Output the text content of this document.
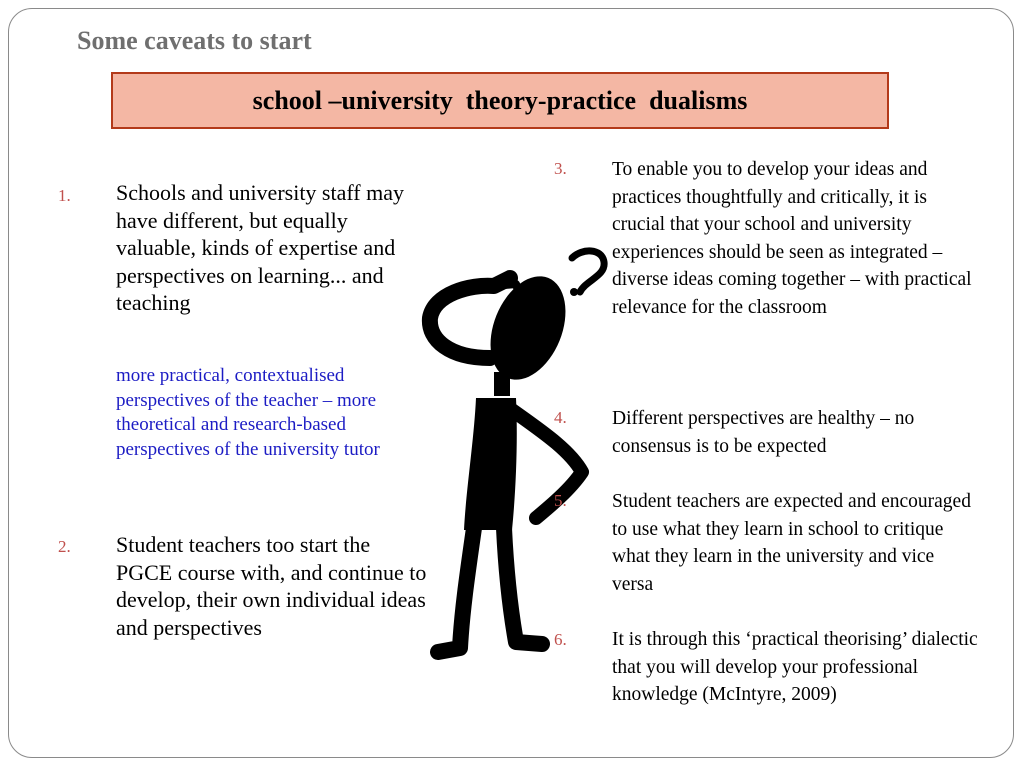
Some caveats to start
school –university  theory-practice  dualisms
1. Schools and university staff may have different, but equally valuable, kinds of expertise and perspectives on learning... and teaching
more practical, contextualised perspectives of the teacher – more theoretical and research-based perspectives of the university tutor
2. Student teachers too start the PGCE course with, and continue to develop, their own individual ideas and perspectives
3. To enable you to develop your ideas and practices thoughtfully and critically, it is crucial that your school and university experiences should be seen as integrated – diverse ideas coming together – with practical relevance for the classroom
4. Different perspectives are healthy – no consensus is to be expected
5. Student teachers are expected and encouraged to use what they learn in school to critique what they learn in the university and vice versa
6. It is through this ‘practical theorising’ dialectic that you will develop your professional knowledge (McIntyre, 2009)
